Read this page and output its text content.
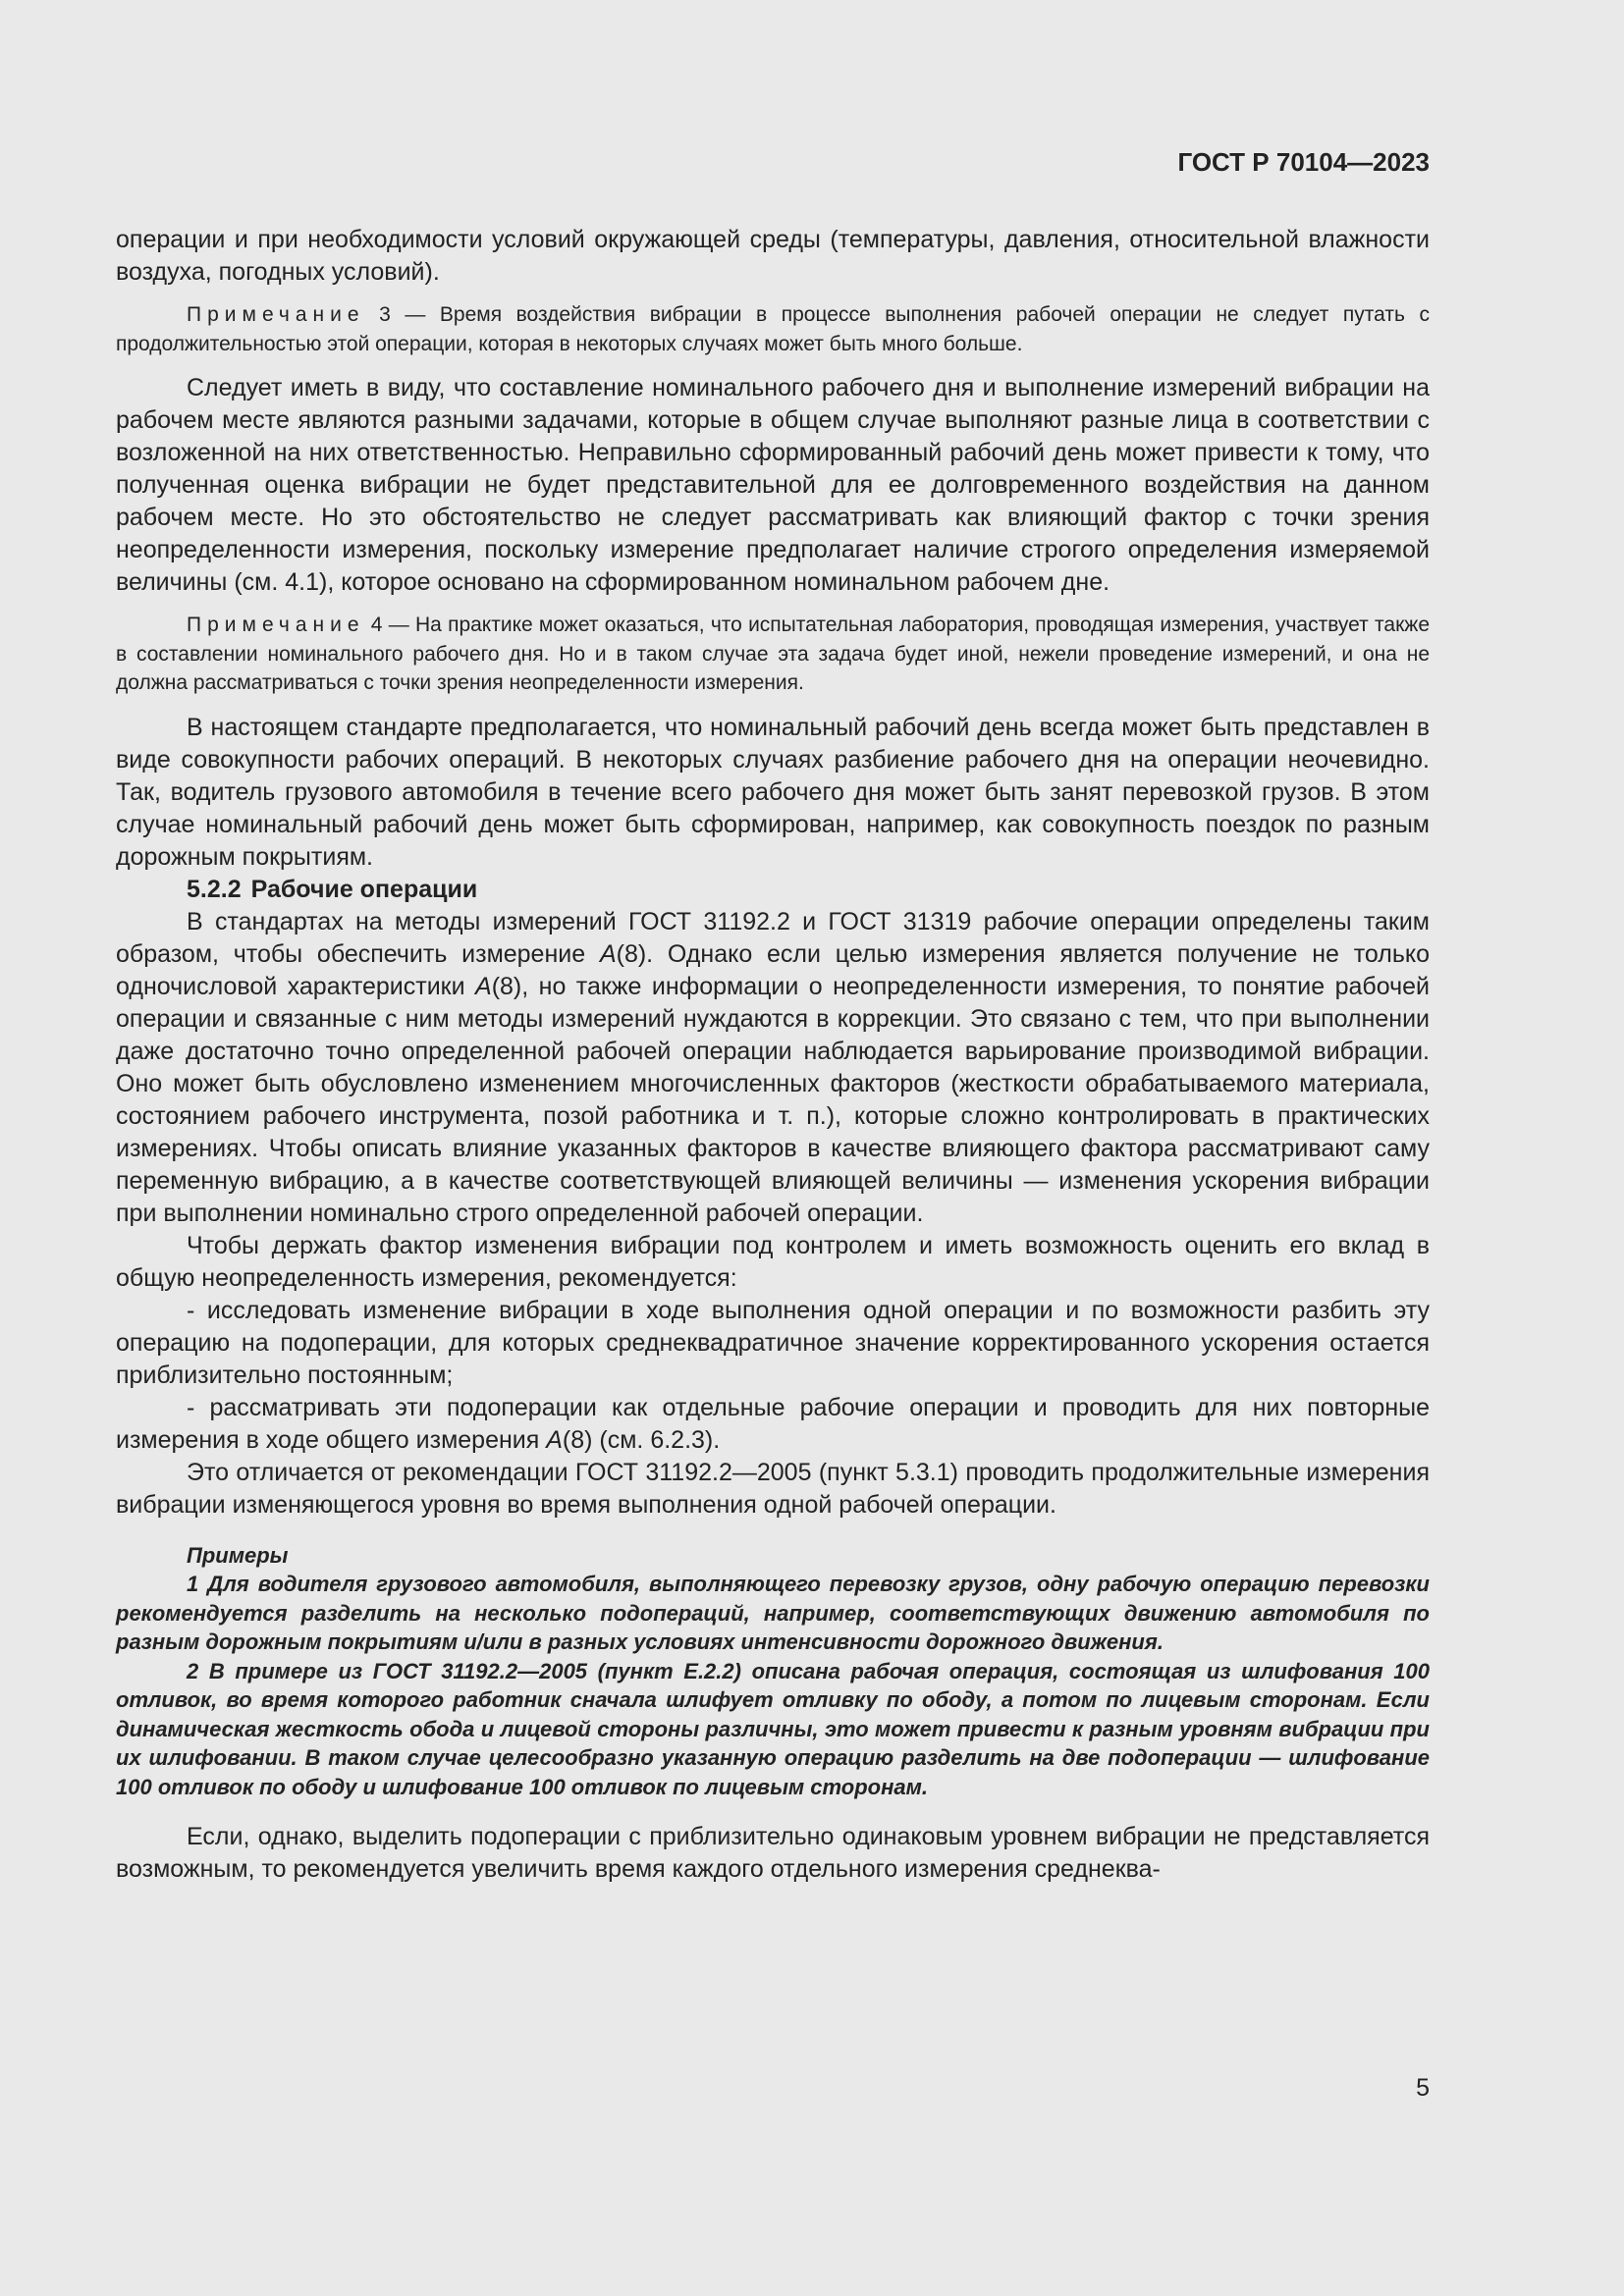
ГОСТ Р 70104—2023

операции и при необходимости условий окружающей среды (температуры, давления, относительной влажности воздуха, погодных условий).

Примечание 3 — Время воздействия вибрации в процессе выполнения рабочей операции не следует путать с продолжительностью этой операции, которая в некоторых случаях может быть много больше.

Следует иметь в виду, что составление номинального рабочего дня и выполнение измерений вибрации на рабочем месте являются разными задачами, которые в общем случае выполняют разные лица в соответствии с возложенной на них ответственностью. Неправильно сформированный рабочий день может привести к тому, что полученная оценка вибрации не будет представительной для ее долговременного воздействия на данном рабочем месте. Но это обстоятельство не следует рассматривать как влияющий фактор с точки зрения неопределенности измерения, поскольку измерение предполагает наличие строгого определения измеряемой величины (см. 4.1), которое основано на сформированном номинальном рабочем дне.

Примечание 4 — На практике может оказаться, что испытательная лаборатория, проводящая измерения, участвует также в составлении номинального рабочего дня. Но и в таком случае эта задача будет иной, нежели проведение измерений, и она не должна рассматриваться с точки зрения неопределенности измерения.

В настоящем стандарте предполагается, что номинальный рабочий день всегда может быть представлен в виде совокупности рабочих операций. В некоторых случаях разбиение рабочего дня на операции неочевидно. Так, водитель грузового автомобиля в течение всего рабочего дня может быть занят перевозкой грузов. В этом случае номинальный рабочий день может быть сформирован, например, как совокупность поездок по разным дорожным покрытиям.

5.2.2 Рабочие операции

В стандартах на методы измерений ГОСТ 31192.2 и ГОСТ 31319 рабочие операции определены таким образом, чтобы обеспечить измерение A(8). Однако если целью измерения является получение не только одночисловой характеристики A(8), но также информации о неопределенности измерения, то понятие рабочей операции и связанные с ним методы измерений нуждаются в коррекции. Это связано с тем, что при выполнении даже достаточно точно определенной рабочей операции наблюдается варьирование производимой вибрации. Оно может быть обусловлено изменением многочисленных факторов (жесткости обрабатываемого материала, состоянием рабочего инструмента, позой работника и т. п.), которые сложно контролировать в практических измерениях. Чтобы описать влияние указанных факторов в качестве влияющего фактора рассматривают саму переменную вибрацию, а в качестве соответствующей влияющей величины — изменения ускорения вибрации при выполнении номинально строго определенной рабочей операции.

Чтобы держать фактор изменения вибрации под контролем и иметь возможность оценить его вклад в общую неопределенность измерения, рекомендуется:

- исследовать изменение вибрации в ходе выполнения одной операции и по возможности разбить эту операцию на подоперации, для которых среднеквадратичное значение корректированного ускорения остается приблизительно постоянным;

- рассматривать эти подоперации как отдельные рабочие операции и проводить для них повторные измерения в ходе общего измерения A(8) (см. 6.2.3).

Это отличается от рекомендации ГОСТ 31192.2—2005 (пункт 5.3.1) проводить продолжительные измерения вибрации изменяющегося уровня во время выполнения одной рабочей операции.

Примеры

1 Для водителя грузового автомобиля, выполняющего перевозку грузов, одну рабочую операцию перевозки рекомендуется разделить на несколько подопераций, например, соответствующих движению автомобиля по разным дорожным покрытиям и/или в разных условиях интенсивности дорожного движения.

2 В примере из ГОСТ 31192.2—2005 (пункт Е.2.2) описана рабочая операция, состоящая из шлифования 100 отливок, во время которого работник сначала шлифует отливку по ободу, а потом по лицевым сторонам. Если динамическая жесткость обода и лицевой стороны различны, это может привести к разным уровням вибрации при их шлифовании. В таком случае целесообразно указанную операцию разделить на две подоперации — шлифование 100 отливок по ободу и шлифование 100 отливок по лицевым сторонам.

Если, однако, выделить подоперации с приблизительно одинаковым уровнем вибрации не представляется возможным, то рекомендуется увеличить время каждого отдельного измерения среднеква-

5
